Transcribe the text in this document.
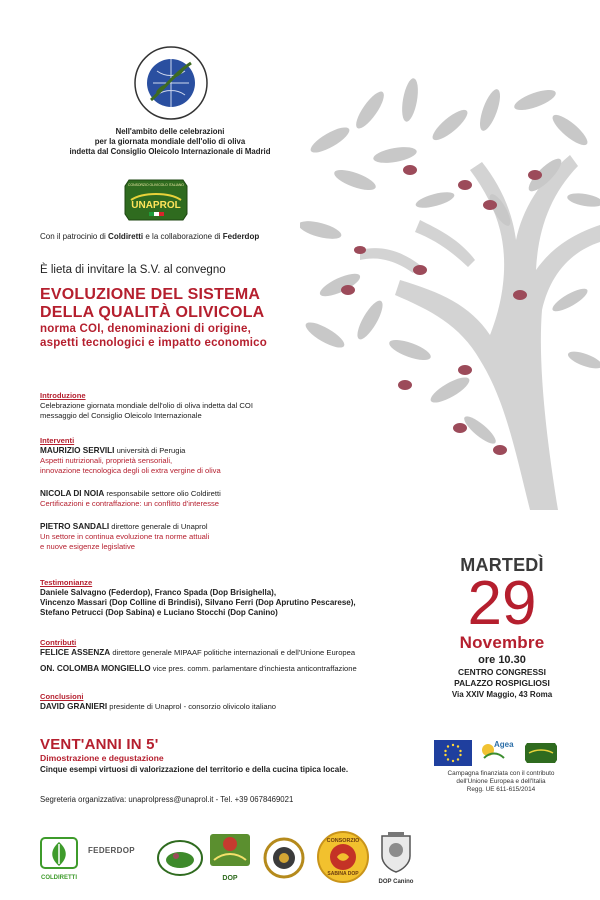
Nell'ambito delle celebrazioni
per la giornata mondiale dell'olio di oliva
indetta dal Consiglio Oleicolo Internazionale di Madrid
CONSORZIO OLIVICOLO ITALIANO
UNAPROL
Con il patrocinio di Coldiretti e la collaborazione di Federdop
È lieta di invitare la S.V. al convegno
EVOLUZIONE DEL SISTEMA
DELLA QUALITÀ OLIVICOLA
norma COI, denominazioni di origine,
aspetti tecnologici e impatto economico
Introduzione
Celebrazione giornata mondiale dell'olio di oliva indetta dal COI
messaggio del Consiglio Oleicolo Internazionale
Interventi
MAURIZIO SERVILI università di Perugia
Aspetti nutrizionali, proprietà sensoriali,
innovazione tecnologica degli oli extra vergine di oliva
NICOLA DI NOIA responsabile settore olio Coldiretti
Certificazioni e contraffazione: un conflitto d'interesse
PIETRO SANDALI direttore generale di Unaprol
Un settore in continua evoluzione tra norme attuali
e nuove esigenze legislative
Testimonianze
Daniele Salvagno (Federdop), Franco Spada (Dop Brisighella),
Vincenzo Massari (Dop Colline di Brindisi), Silvano Ferri (Dop Aprutino Pescarese),
Stefano Petrucci (Dop Sabina) e Luciano Stocchi (Dop Canino)
Contributi
FELICE ASSENZA direttore generale MIPAAF politiche internazionali e dell'Unione Europea
ON. COLOMBA MONGIELLO vice pres. comm. parlamentare d'inchiesta anticontraffazione
Conclusioni
DAVID GRANIERI presidente di Unaprol - consorzio olivicolo italiano
VENT'ANNI IN 5'
Dimostrazione e degustazione
Cinque esempi virtuosi di valorizzazione del territorio e della cucina tipica locale.
Segreteria organizzativa: unaprolpress@unaprol.it - Tel. +39 0678469021
MARTEDÌ
29
Novembre
ore 10.30
CENTRO CONGRESSI
PALAZZO ROSPIGLIOSI
Via XXIV Maggio, 43 Roma
Agea
Campagna finanziata con il contributo
dell'Unione Europea e dell'Italia
Regg. UE 611-615/2014
COLDIRETTI
FEDERDOP
DOP
CONSORZIO
SABINA DOP
DOP Canino
